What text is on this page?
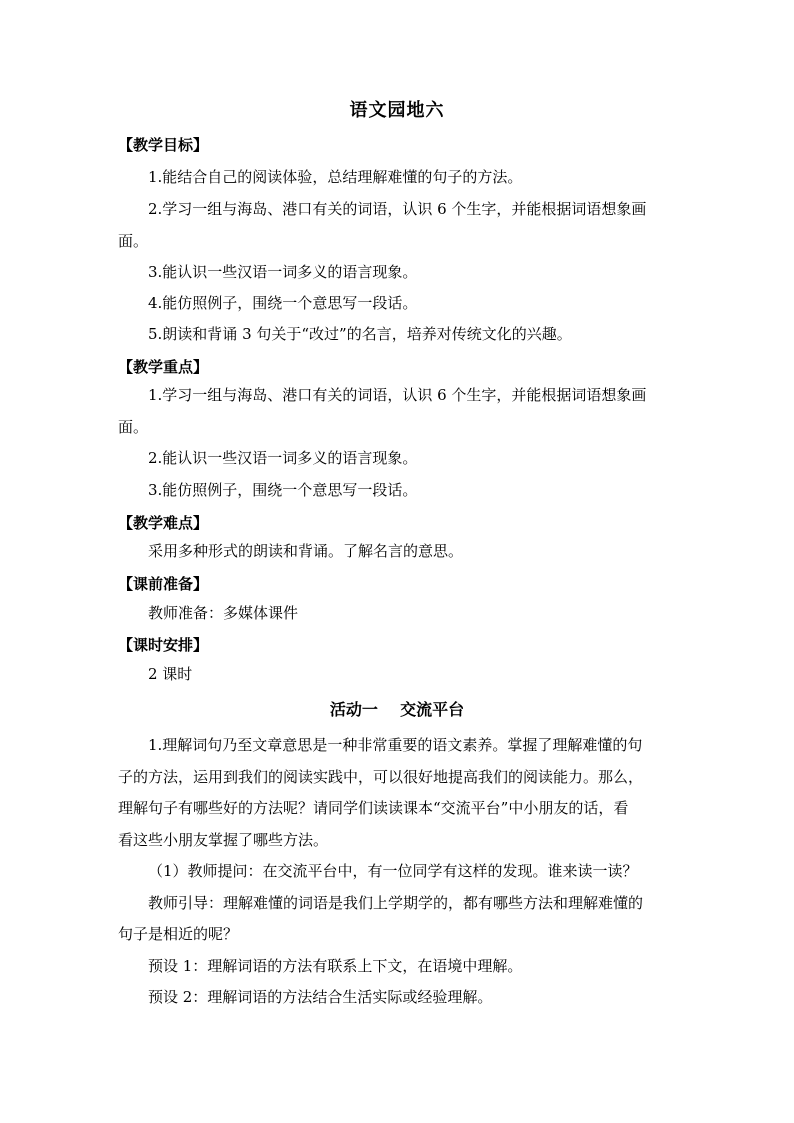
语文园地六
【教学目标】
1.能结合自己的阅读体验，总结理解难懂的句子的方法。
2.学习一组与海岛、港口有关的词语，认识 6 个生字，并能根据词语想象画
面。
3.能认识一些汉语一词多义的语言现象。
4.能仿照例子，围绕一个意思写一段话。
5.朗读和背诵 3 句关于“改过”的名言，培养对传统文化的兴趣。
【教学重点】
1.学习一组与海岛、港口有关的词语，认识 6 个生字，并能根据词语想象画
面。
2.能认识一些汉语一词多义的语言现象。
3.能仿照例子，围绕一个意思写一段话。
【教学难点】
采用多种形式的朗读和背诵。了解名言的意思。
【课前准备】
教师准备：多媒体课件
【课时安排】
2 课时
活动一    交流平台
1.理解词句乃至文章意思是一种非常重要的语文素养。掌握了理解难懂的句
子的方法，运用到我们的阅读实践中，可以很好地提高我们的阅读能力。那么，
理解句子有哪些好的方法呢？请同学们读读课本“交流平台”中小朋友的话，看
看这些小朋友掌握了哪些方法。
（1）教师提问：在交流平台中，有一位同学有这样的发现。谁来读一读？
教师引导：理解难懂的词语是我们上学期学的，都有哪些方法和理解难懂的
句子是相近的呢？
预设 1：理解词语的方法有联系上下文，在语境中理解。
预设 2：理解词语的方法结合生活实际或经验理解。
